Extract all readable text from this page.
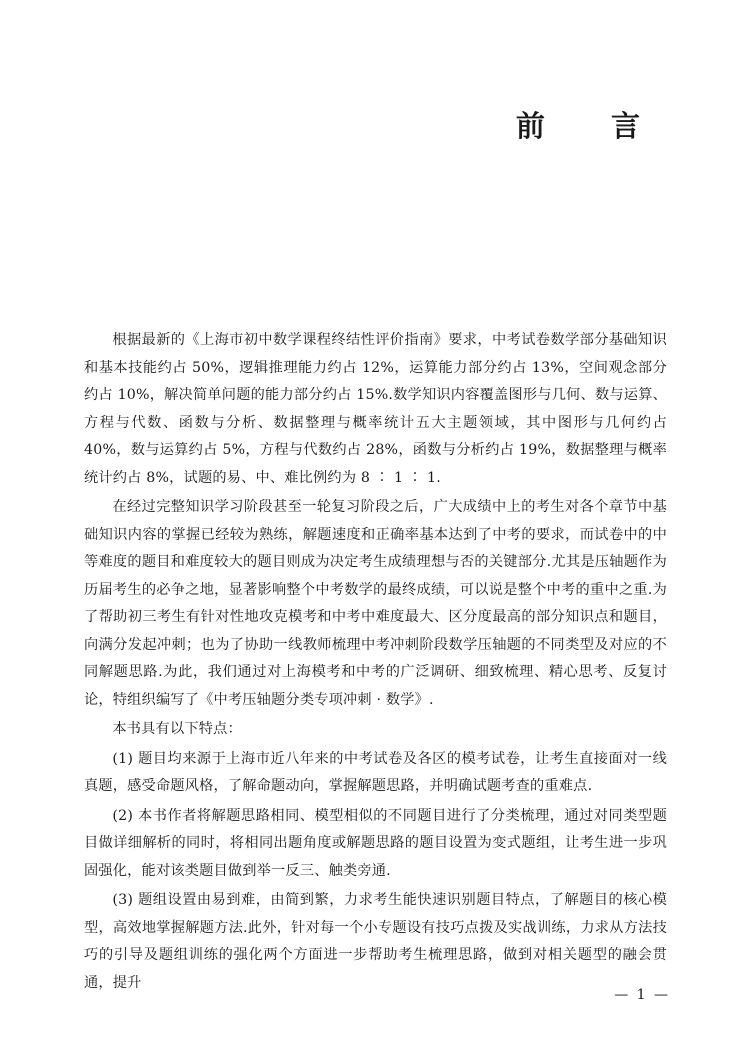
前 言

根据最新的《上海市初中数学课程终结性评价指南》要求，中考试卷数学部分基础知识和基本技能约占 50%，逻辑推理能力约占 12%，运算能力部分约占 13%，空间观念部分约占 10%，解决简单问题的能力部分约占 15%.数学知识内容覆盖图形与几何、数与运算、方程与代数、函数与分析、数据整理与概率统计五大主题领域，其中图形与几何约占 40%，数与运算约占 5%，方程与代数约占 28%，函数与分析约占 19%，数据整理与概率统计约占 8%，试题的易、中、难比例约为 8 ∶ 1 ∶ 1.

在经过完整知识学习阶段甚至一轮复习阶段之后，广大成绩中上的考生对各个章节中基础知识内容的掌握已经较为熟练，解题速度和正确率基本达到了中考的要求，而试卷中的中等难度的题目和难度较大的题目则成为决定考生成绩理想与否的关键部分.尤其是压轴题作为历届考生的必争之地，显著影响整个中考数学的最终成绩，可以说是整个中考的重中之重.为了帮助初三考生有针对性地攻克模考和中考中难度最大、区分度最高的部分知识点和题目，向满分发起冲刺；也为了协助一线教师梳理中考冲刺阶段数学压轴题的不同类型及对应的不同解题思路.为此，我们通过对上海模考和中考的广泛调研、细致梳理、精心思考、反复讨论，特组织编写了《中考压轴题分类专项冲刺 · 数学》.

本书具有以下特点：

(1) 题目均来源于上海市近八年来的中考试卷及各区的模考试卷，让考生直接面对一线真题，感受命题风格，了解命题动向，掌握解题思路，并明确试题考查的重难点.

(2) 本书作者将解题思路相同、模型相似的不同题目进行了分类梳理，通过对同类型题目做详细解析的同时，将相同出题角度或解题思路的题目设置为变式题组，让考生进一步巩固强化，能对该类题目做到举一反三、触类旁通.

(3) 题组设置由易到难，由简到繁，力求考生能快速识别题目特点，了解题目的核心模型，高效地掌握解题方法.此外，针对每一个小专题设有技巧点拨及实战训练，力求从方法技巧的引导及题组训练的强化两个方面进一步帮助考生梳理思路，做到对相关题型的融会贯通，提升

— 1 —
